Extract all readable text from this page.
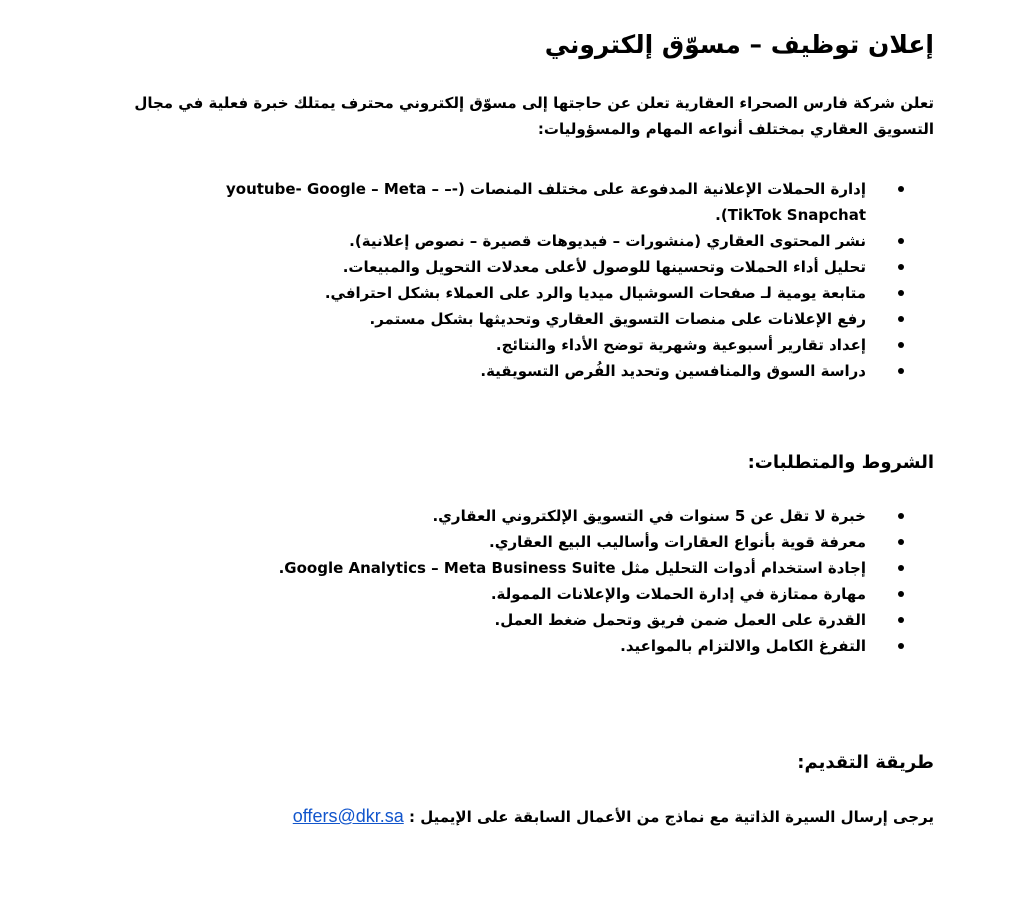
إعلان توظيف – مسوّق إلكتروني

تعلن شركة فارس الصحراء العقارية تعلن عن حاجتها إلى مسوّق إلكتروني محترف يمتلك خبرة فعلية في مجال التسويق العقاري بمختلف أنواعه المهام والمسؤوليات:

إدارة الحملات الإعلانية المدفوعة على مختلف المنصات (-– youtube- Google – Meta – TikTok Snapchat).
نشر المحتوى العقاري (منشورات – فيديوهات قصيرة – نصوص إعلانية).
تحليل أداء الحملات وتحسينها للوصول لأعلى معدلات التحويل والمبيعات.
متابعة يومية لـ صفحات السوشيال ميديا والرد على العملاء بشكل احترافي.
رفع الإعلانات على منصات التسويق العقاري وتحديثها بشكل مستمر.
إعداد تقارير أسبوعية وشهرية توضح الأداء والنتائج.
دراسة السوق والمنافسين وتحديد الفُرص التسويقية.
الشروط والمتطلبات:
خبرة لا تقل عن 5 سنوات في التسويق الإلكتروني العقاري.
معرفة قوية بأنواع العقارات وأساليب البيع العقاري.
إجادة استخدام أدوات التحليل مثل Google Analytics – Meta Business Suite.
مهارة ممتازة في إدارة الحملات والإعلانات الممولة.
القدرة على العمل ضمن فريق وتحمل ضغط العمل.
التفرغ الكامل والالتزام بالمواعيد.
طريقة التقديم:

يرجى إرسال السيرة الذاتية مع نماذج من الأعمال السابقة على الإيميل : offers@dkr.sa
